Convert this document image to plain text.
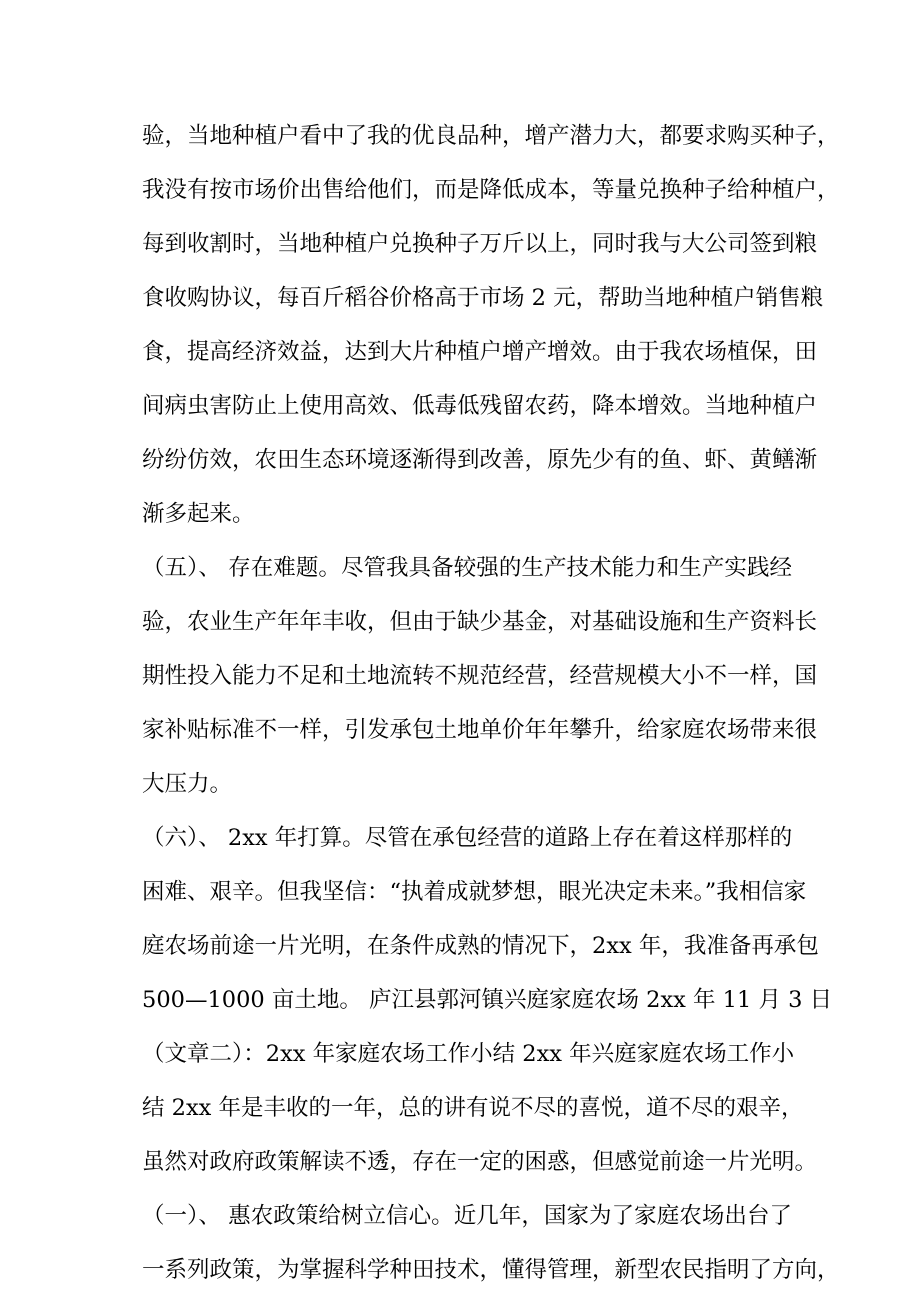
验，当地种植户看中了我的优良品种，增产潜力大，都要求购买种子，
我没有按市场价出售给他们，而是降低成本，等量兑换种子给种植户，
每到收割时，当地种植户兑换种子万斤以上，同时我与大公司签到粮
食收购协议，每百斤稻谷价格高于市场 2 元，帮助当地种植户销售粮
食，提高经济效益，达到大片种植户增产增效。由于我农场植保，田
间病虫害防止上使用高效、低毒低残留农药，降本增效。当地种植户
纷纷仿效，农田生态环境逐渐得到改善，原先少有的鱼、虾、黄鳝渐
渐多起来。
（五）、 存在难题。尽管我具备较强的生产技术能力和生产实践经
验，农业生产年年丰收，但由于缺少基金，对基础设施和生产资料长
期性投入能力不足和土地流转不规范经营，经营规模大小不一样，国
家补贴标准不一样，引发承包土地单价年年攀升，给家庭农场带来很
大压力。
（六）、 2xx 年打算。尽管在承包经营的道路上存在着这样那样的
困难、艰辛。但我坚信：“执着成就梦想，眼光决定未来。”我相信家
庭农场前途一片光明，在条件成熟的情况下，2xx 年，我准备再承包
500—1000 亩土地。 庐江县郭河镇兴庭家庭农场 2xx 年 11 月 3 日
（文章二）：2xx 年家庭农场工作小结 2xx 年兴庭家庭农场工作小
结 2xx 年是丰收的一年，总的讲有说不尽的喜悦，道不尽的艰辛，
虽然对政府政策解读不透，存在一定的困惑，但感觉前途一片光明。
（一）、 惠农政策给树立信心。近几年，国家为了家庭农场出台了
一系列政策，为掌握科学种田技术，懂得管理，新型农民指明了方向，
